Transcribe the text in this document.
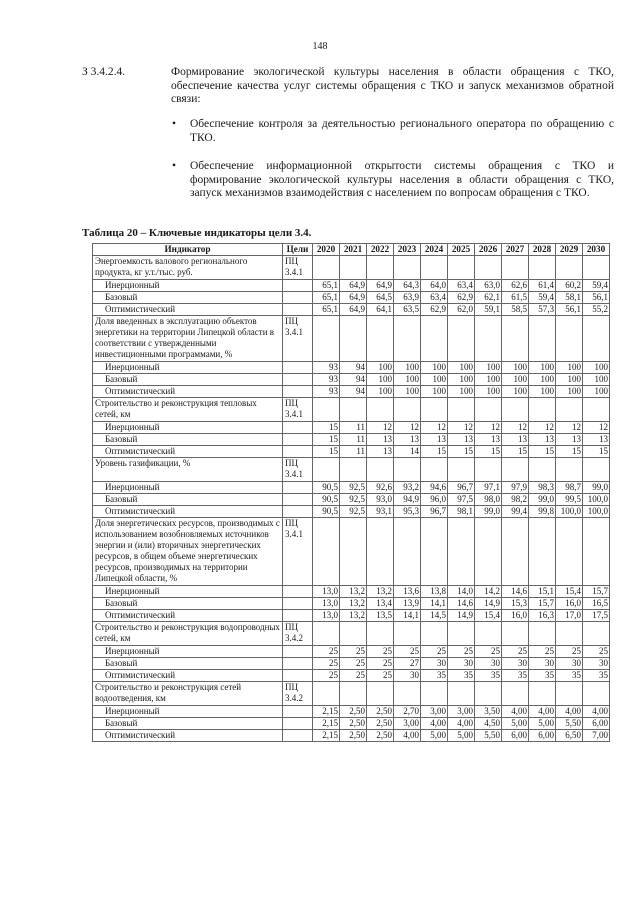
148
З 3.4.2.4.	Формирование экологической культуры населения в области обращения с ТКО, обеспечение качества услуг системы обращения с ТКО и запуск механизмов обратной связи:
• Обеспечение контроля за деятельностью регионального оператора по обращению с ТКО.
• Обеспечение информационной открытости системы обращения с ТКО и формирование экологической культуры населения в области обращения с ТКО, запуск механизмов взаимодействия с населением по вопросам обращения с ТКО.
Таблица 20 – Ключевые индикаторы цели 3.4.
Индикатор	Цели	2020	2021	2022	2023	2024	2025	2026	2027	2028	2029	2030
Энергоемкость валового регионального продукта, кг у.т./тыс. руб.	ПЦ
3.4.1											
Инерционный		65,1	64,9	64,9	64,3	64,0	63,4	63,0	62,6	61,4	60,2	59,4
Базовый		65,1	64,9	64,5	63,9	63,4	62,9	62,1	61,5	59,4	58,1	56,1
Оптимистический		65,1	64,9	64,1	63,5	62,9	62,0	59,1	58,5	57,3	56,1	55,2
Доля введенных в эксплуатацию объектов энергетики на территории Липецкой области в соответствии с утвержденными инвестиционными программами, %	ПЦ
3.4.1											
Инерционный		93	94	100	100	100	100	100	100	100	100	100
Базовый		93	94	100	100	100	100	100	100	100	100	100
Оптимистический		93	94	100	100	100	100	100	100	100	100	100
Строительство и реконструкция тепловых сетей, км	ПЦ
3.4.1											
Инерционный		15	11	12	12	12	12	12	12	12	12	12
Базовый		15	11	13	13	13	13	13	13	13	13	13
Оптимистический		15	11	13	14	15	15	15	15	15	15	15
Уровень газификации, %	ПЦ
3.4.1											
Инерционный		90,5	92,5	92,6	93,2	94,6	96,7	97,1	97,9	98,3	98,7	99,0
Базовый		90,5	92,5	93,0	94,9	96,0	97,5	98,0	98,2	99,0	99,5	100,0
Оптимистический		90,5	92,5	93,1	95,3	96,7	98,1	99,0	99,4	99,8	100,0	100,0
Доля энергетических ресурсов, производимых с использованием возобновляемых источников энергии и (или) вторичных энергетических ресурсов, в общем объеме энергетических ресурсов, производимых на территории Липецкой области, %	ПЦ
3.4.1											
Инерционный		13,0	13,2	13,2	13,6	13,8	14,0	14,2	14,6	15,1	15,4	15,7
Базовый		13,0	13,2	13,4	13,9	14,1	14,6	14,9	15,3	15,7	16,0	16,5
Оптимистический		13,0	13,2	13,5	14,1	14,5	14,9	15,4	16,0	16,3	17,0	17,5
Строительство и реконструкция водопроводных сетей, км	ПЦ
3.4.2											
Инерционный		25	25	25	25	25	25	25	25	25	25	25
Базовый		25	25	25	27	30	30	30	30	30	30	30
Оптимистический		25	25	25	30	35	35	35	35	35	35	35
Строительство и реконструкция сетей водоотведения, км	ПЦ
3.4.2											
Инерционный		2,15	2,50	2,50	2,70	3,00	3,00	3,50	4,00	4,00	4,00	4,00
Базовый		2,15	2,50	2,50	3,00	4,00	4,00	4,50	5,00	5,00	5,50	6,00
Оптимистический		2,15	2,50	2,50	4,00	5,00	5,00	5,50	6,00	6,00	6,50	7,00
